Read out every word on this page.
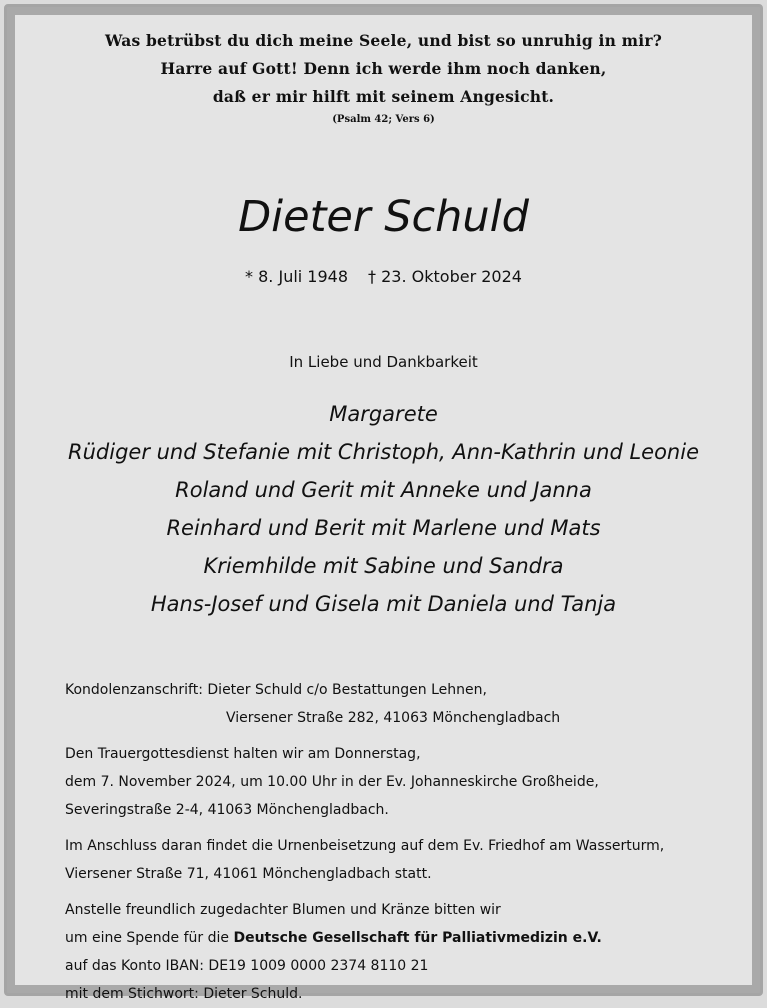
Was betrübst du dich meine Seele, und bist so unruhig in mir?
Harre auf Gott! Denn ich werde ihm noch danken,
daß er mir hilft mit seinem Angesicht.
(Psalm 42; Vers 6)
Dieter Schuld
* 8. Juli 1948 † 23. Oktober 2024
In Liebe und Dankbarkeit
Margarete
Rüdiger und Stefanie mit Christoph, Ann-Kathrin und Leonie
Roland und Gerit mit Anneke und Janna
Reinhard und Berit mit Marlene und Mats
Kriemhilde mit Sabine und Sandra
Hans-Josef und Gisela mit Daniela und Tanja
Kondolenzanschrift: Dieter Schuld c/o Bestattungen Lehnen,
Viersener Straße 282, 41063 Mönchengladbach
Den Trauergottesdienst halten wir am Donnerstag,
dem 7. November 2024, um 10.00 Uhr in der Ev. Johanneskirche Großheide,
Severingstraße 2-4, 41063 Mönchengladbach.
Im Anschluss daran findet die Urnenbeisetzung auf dem Ev. Friedhof am Wasserturm,
Viersener Straße 71, 41061 Mönchengladbach statt.
Anstelle freundlich zugedachter Blumen und Kränze bitten wir
um eine Spende für die Deutsche Gesellschaft für Palliativmedizin e.V.
auf das Konto IBAN: DE19 1009 0000 2374 8110 21
mit dem Stichwort: Dieter Schuld.
